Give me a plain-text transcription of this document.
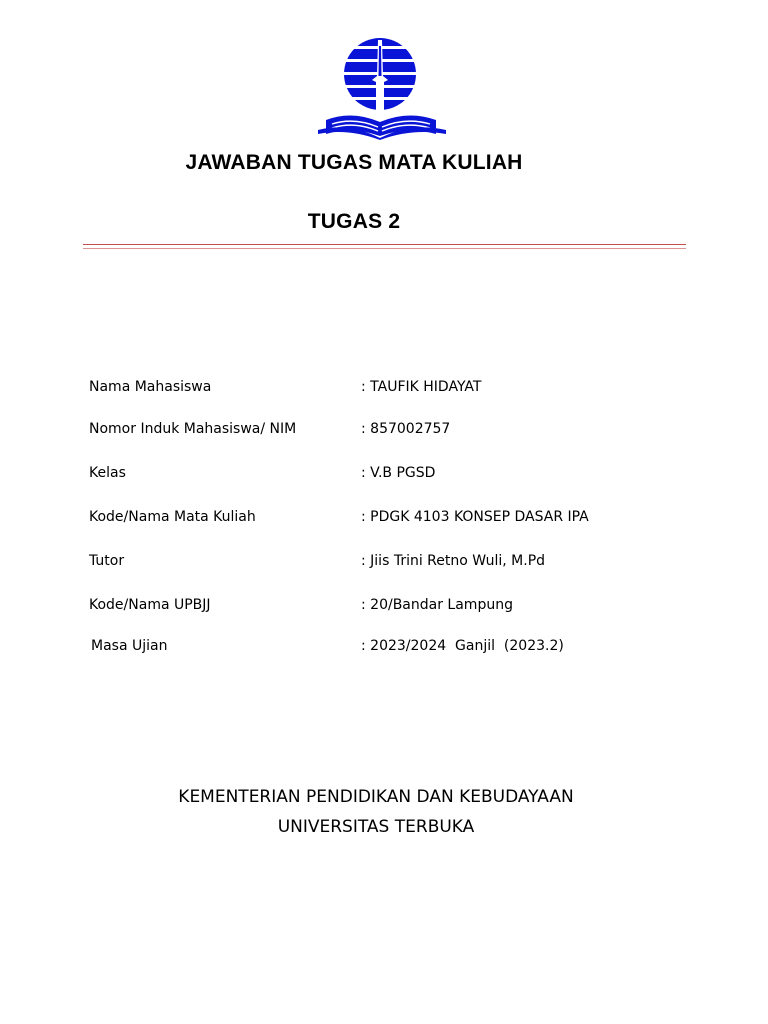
JAWABAN TUGAS MATA KULIAH
TUGAS 2
Nama Mahasiswa	: TAUFIK HIDAYAT
Nomor Induk Mahasiswa/ NIM	: 857002757
Kelas	: V.B PGSD
Kode/Nama Mata Kuliah	: PDGK 4103 KONSEP DASAR IPA
Tutor	: Jiis Trini Retno Wuli, M.Pd
Kode/Nama UPBJJ	: 20/Bandar Lampung
Masa Ujian	: 2023/2024  Ganjil  (2023.2)
KEMENTERIAN PENDIDIKAN DAN KEBUDAYAAN
UNIVERSITAS TERBUKA
